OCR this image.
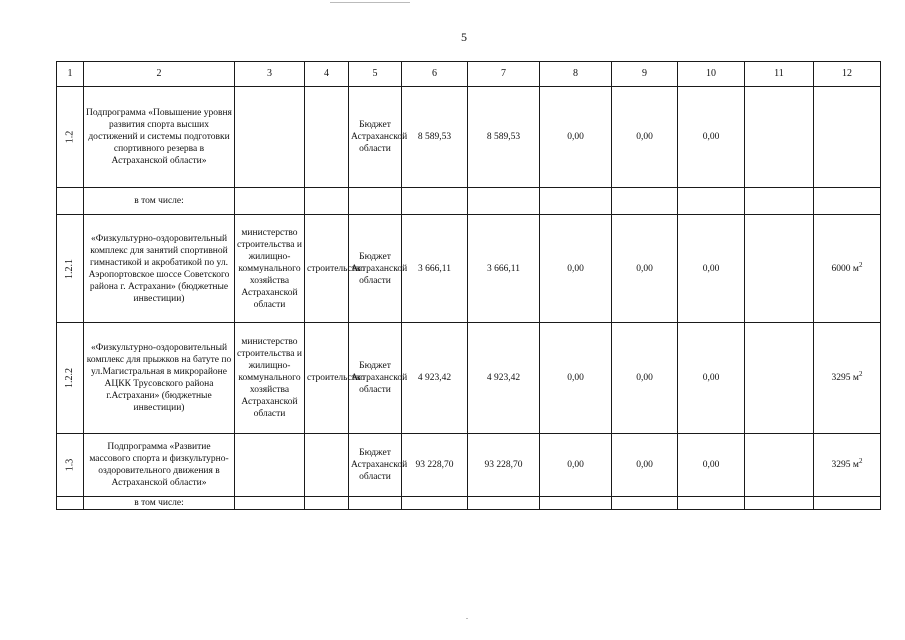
5
1	2	3	4	5	6	7	8	9	10	11	12
1.2	Подпрограмма «Повышение уровня развития спорта высших достижений и системы подготовки спортивного резерва в Астраханской области»			Бюджет Астраханской области	8 589,53	8 589,53	0,00	0,00	0,00		
	в том числе:										
1.2.1	«Физкультурно-оздоровительный комплекс для занятий спортивной гимнастикой и акробатикой по ул. Аэропортовское шоссе Советского района г. Астрахани» (бюджетные инвестиции)	министерство строительства и жилищно-коммунального хозяйства Астраханской области	строительство	Бюджет Астраханской области	3 666,11	3 666,11	0,00	0,00	0,00		6000 $м^2$
1.2.2	«Физкультурно-оздоровительный комплекс для прыжков на батуте по ул.Магистральная в микрорайоне АЦКК Трусовского района г.Астрахани» (бюджетные инвестиции)	министерство строительства и жилищно-коммунального хозяйства Астраханской области	строительство	Бюджет Астраханской области	4 923,42	4 923,42	0,00	0,00	0,00		3295 $м^2$
1.3	Подпрограмма «Развитие массового спорта и физкультурно-оздоровительного движения в Астраханской области»			Бюджет Астраханской области	93 228,70	93 228,70	0,00	0,00	0,00		3295 $м^2$
	в том числе:										
